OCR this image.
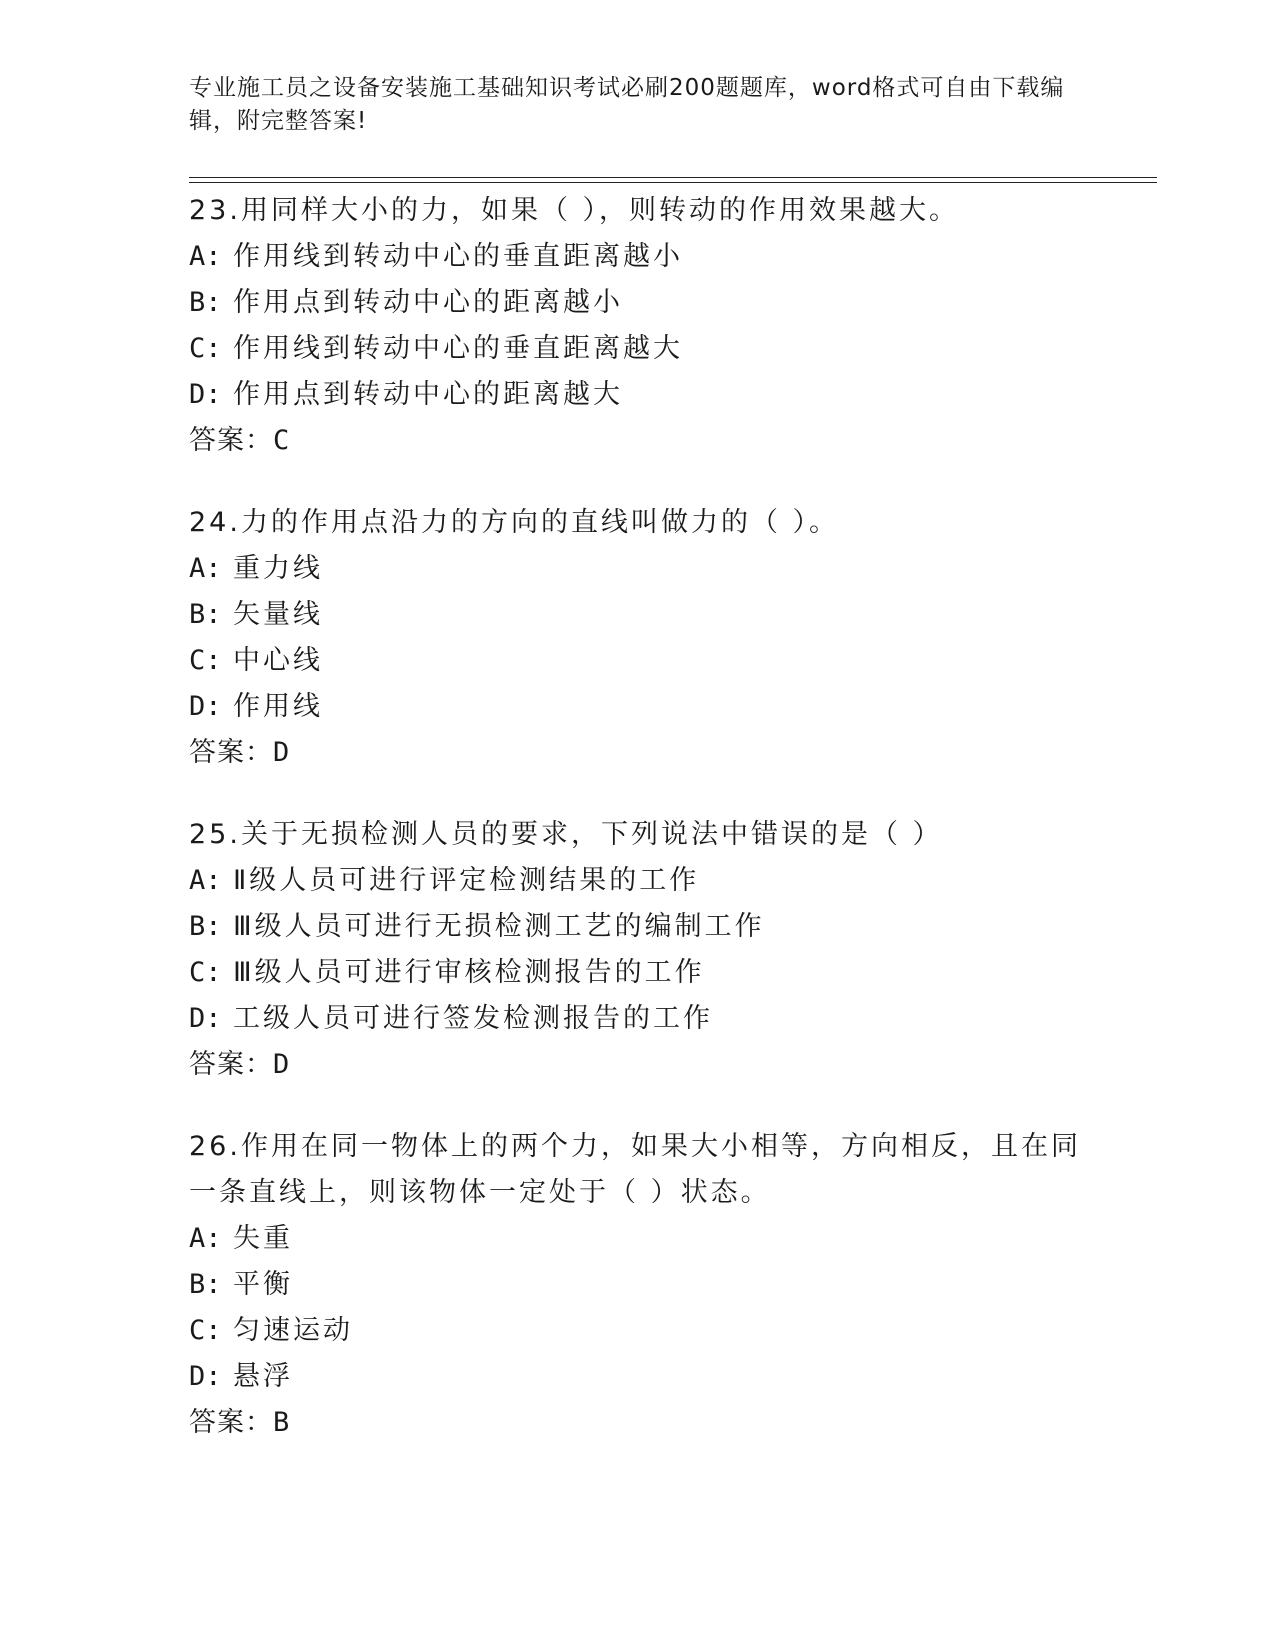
专业施工员之设备安装施工基础知识考试必刷200题题库，word格式可自由下载编辑，附完整答案!
23.用同样大小的力，如果（ ），则转动的作用效果越大。
A: 作用线到转动中心的垂直距离越小
B: 作用点到转动中心的距离越小
C: 作用线到转动中心的垂直距离越大
D: 作用点到转动中心的距离越大
答案：C
24.力的作用点沿力的方向的直线叫做力的（ ）。
A: 重力线
B: 矢量线
C: 中心线
D: 作用线
答案：D
25.关于无损检测人员的要求，下列说法中错误的是（ ）
A: Ⅱ级人员可进行评定检测结果的工作
B: Ⅲ级人员可进行无损检测工艺的编制工作
C: Ⅲ级人员可进行审核检测报告的工作
D: 工级人员可进行签发检测报告的工作
答案：D
26.作用在同一物体上的两个力，如果大小相等，方向相反，且在同一条直线上，则该物体一定处于（ ）状态。
A: 失重
B: 平衡
C: 匀速运动
D: 悬浮
答案：B
